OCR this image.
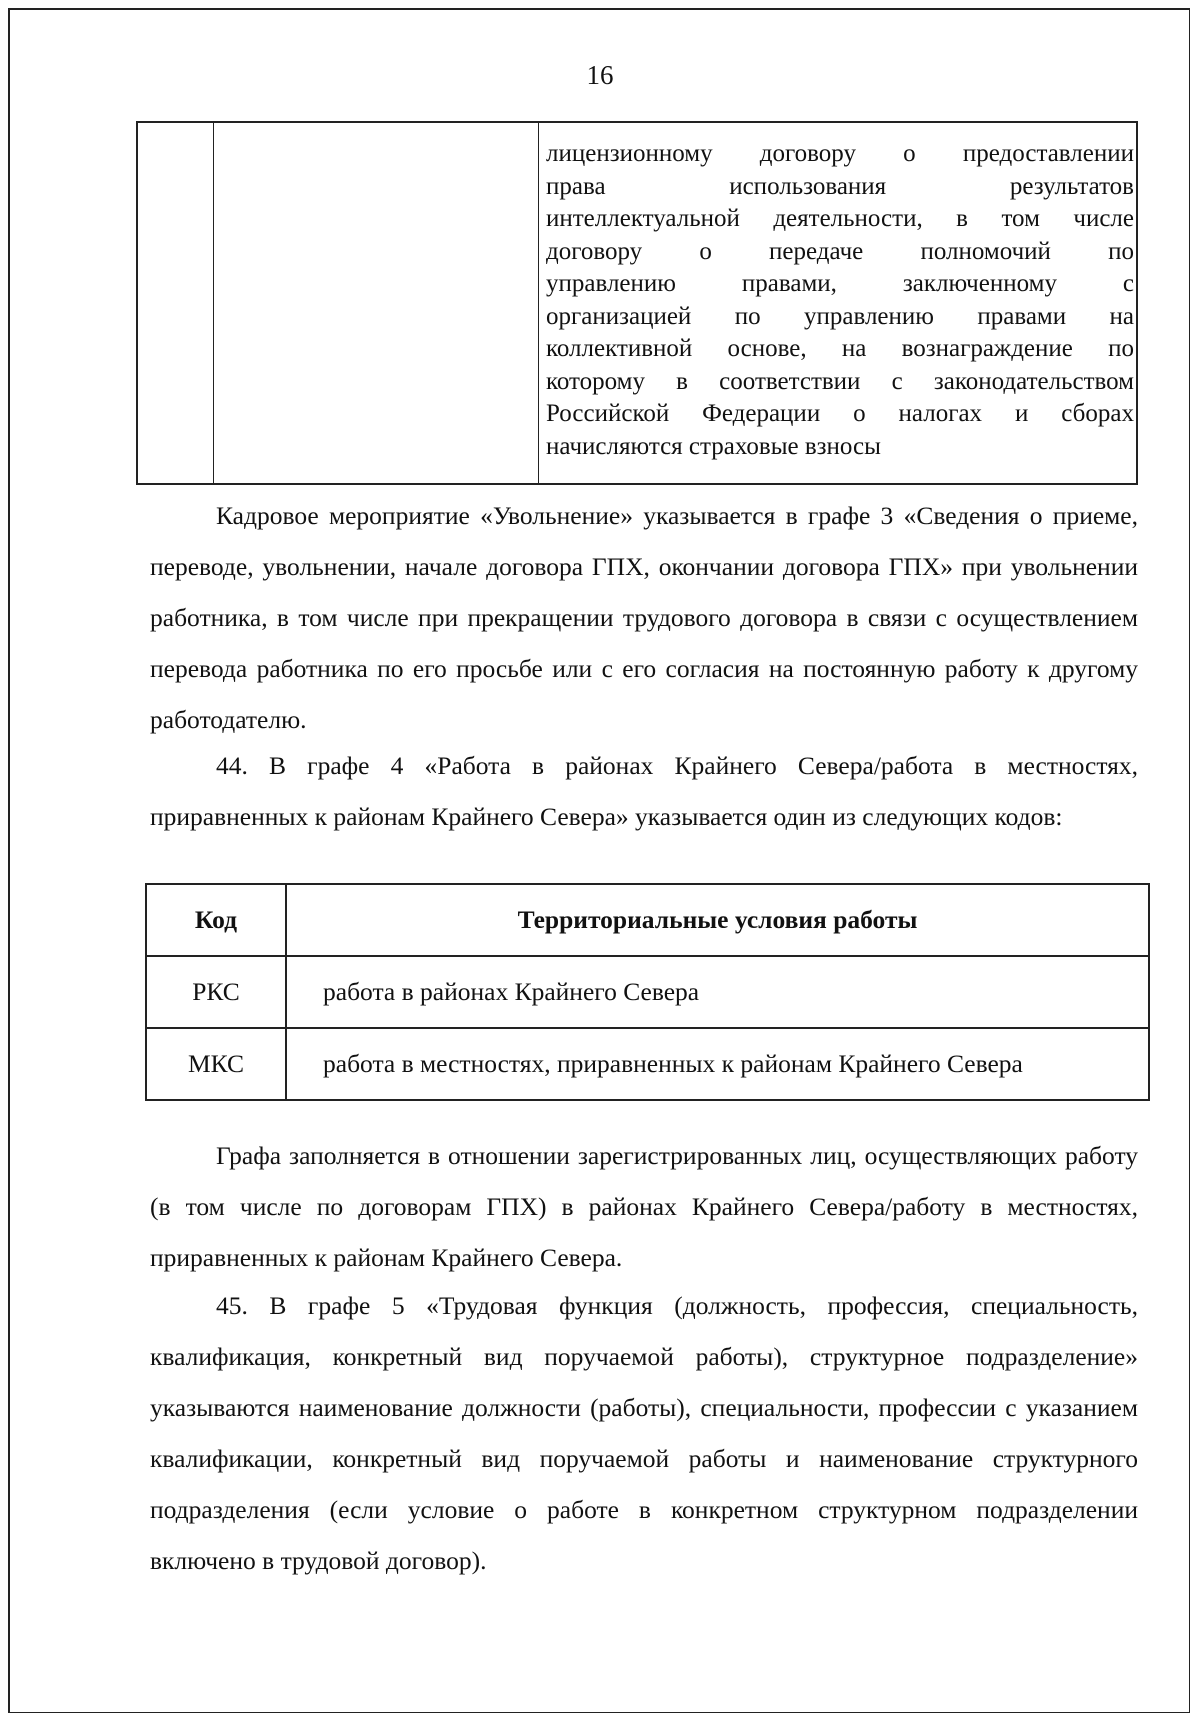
16
лицензионному договору о предоставлении
права использования результатов
интеллектуальной деятельности, в том числе
договору о передаче полномочий по
управлению правами, заключенному с
организацией по управлению правами на
коллективной основе, на вознаграждение по
которому в соответствии с законодательством
Российской Федерации о налогах и сборах
начисляются страховые взносы
Кадровое мероприятие «Увольнение» указывается в графе 3 «Сведения о приеме, переводе, увольнении, начале договора ГПХ, окончании договора ГПХ» при увольнении работника, в том числе при прекращении трудового договора в связи с осуществлением перевода работника по его просьбе или с его согласия на постоянную работу к другому работодателю.
44. В графе 4 «Работа в районах Крайнего Севера/работа в местностях, приравненных к районам Крайнего Севера» указывается один из следующих кодов:
Код	Территориальные условия работы
РКС	работа в районах Крайнего Севера
МКС	работа в местностях, приравненных к районам Крайнего Севера
Графа заполняется в отношении зарегистрированных лиц, осуществляющих работу (в том числе по договорам ГПХ) в районах Крайнего Севера/работу в местностях, приравненных к районам Крайнего Севера.
45. В графе 5 «Трудовая функция (должность, профессия, специальность, квалификация, конкретный вид поручаемой работы), структурное подразделение» указываются наименование должности (работы), специальности, профессии с указанием квалификации, конкретный вид поручаемой работы и наименование структурного подразделения (если условие о работе в конкретном структурном подразделении включено в трудовой договор).
